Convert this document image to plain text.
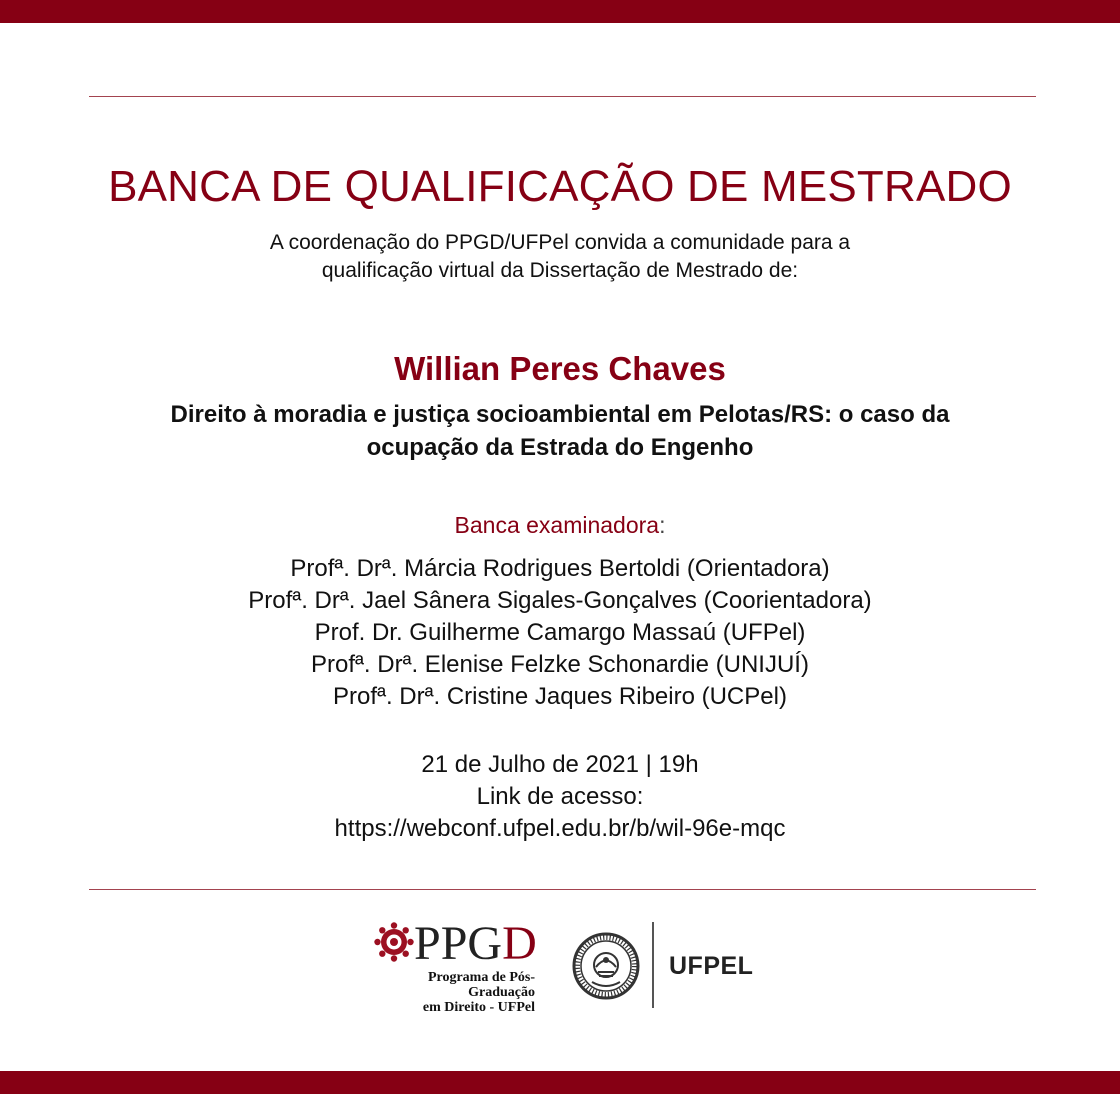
BANCA DE QUALIFICAÇÃO DE MESTRADO
A coordenação do PPGD/UFPel convida a comunidade para a
qualificação virtual da Dissertação de Mestrado de:
Willian Peres Chaves
Direito à moradia e justiça socioambiental em Pelotas/RS: o caso da
ocupação da Estrada do Engenho
Banca examinadora:
Profª. Drª. Márcia Rodrigues Bertoldi (Orientadora)
Profª. Drª. Jael Sânera Sigales-Gonçalves (Coorientadora)
Prof. Dr. Guilherme Camargo Massaú (UFPel)
Profª. Drª. Elenise Felzke Schonardie (UNIJUÍ)
Profª. Drª. Cristine Jaques Ribeiro (UCPel)
21 de Julho de 2021 | 19h
Link de acesso:
https://webconf.ufpel.edu.br/b/wil-96e-mqc
PPGD
Programa de Pós-Graduação
em Direito - UFPel
UFPEL
